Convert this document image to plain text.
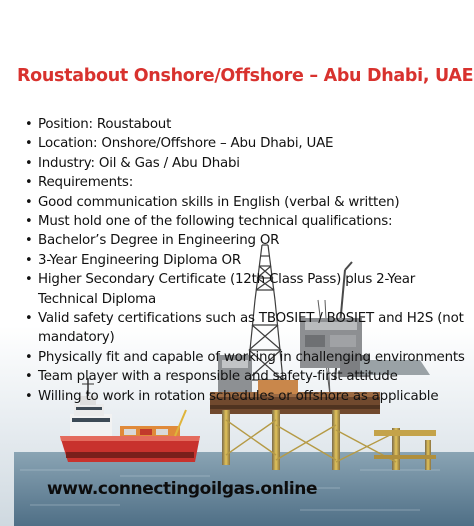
Roustabout Onshore/Offshore – Abu Dhabi, UAE
• Position: Roustabout
• Location: Onshore/Offshore – Abu Dhabi, UAE
• Industry: Oil & Gas / Abu Dhabi
• Requirements:
• Good communication skills in English (verbal & written)
• Must hold one of the following technical qualifications:
• Bachelor’s Degree in Engineering OR
• 3-Year Engineering Diploma OR
• Higher Secondary Certificate (12th Class Pass) plus 2-Year Technical Diploma
• Valid safety certifications such as TBOSIET / BOSIET and H2S (not mandatory)
• Physically fit and capable of working in challenging environments
• Team player with a responsible and safety-first attitude
• Willing to work in rotation schedules or offshore as applicable
www.connectingoilgas.online
